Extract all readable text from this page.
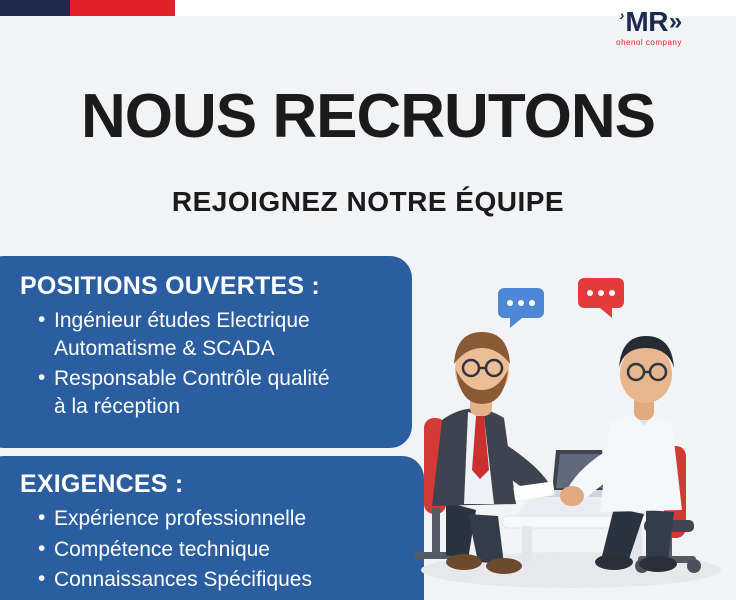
› MR »
ohenol company
NOUS RECRUTONS
REJOIGNEZ NOTRE ÉQUIPE
POSITIONS OUVERTES :
• Ingénieur études Electrique
Automatisme & SCADA
• Responsable Contrôle qualité
à la réception
EXIGENCES :
• Expérience professionnelle
• Compétence technique
• Connaissances Spécifiques
